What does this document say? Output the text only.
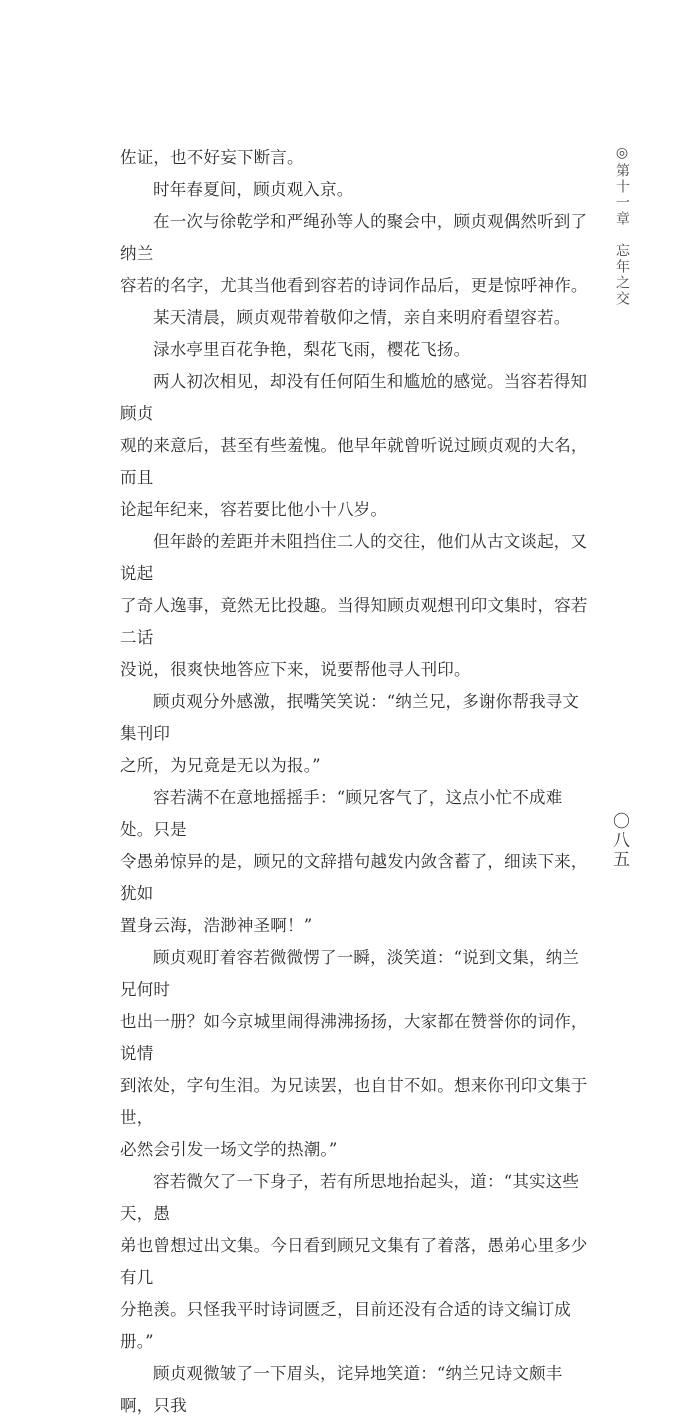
佐证，也不好妄下断言。

时年春夏间，顾贞观入京。

在一次与徐乾学和严绳孙等人的聚会中，顾贞观偶然听到了纳兰

容若的名字，尤其当他看到容若的诗词作品后，更是惊呼神作。

某天清晨，顾贞观带着敬仰之情，亲自来明府看望容若。

渌水亭里百花争艳，梨花飞雨，樱花飞扬。

两人初次相见，却没有任何陌生和尴尬的感觉。当容若得知顾贞

观的来意后，甚至有些羞愧。他早年就曾听说过顾贞观的大名，而且

论起年纪来，容若要比他小十八岁。

但年龄的差距并未阻挡住二人的交往，他们从古文谈起，又说起

了奇人逸事，竟然无比投趣。当得知顾贞观想刊印文集时，容若二话

没说，很爽快地答应下来，说要帮他寻人刊印。

顾贞观分外感激，抿嘴笑笑说：“纳兰兄，多谢你帮我寻文集刊印

之所，为兄竟是无以为报。”

容若满不在意地摇摇手：“顾兄客气了，这点小忙不成难处。只是

令愚弟惊异的是，顾兄的文辞措句越发内敛含蓄了，细读下来，犹如

置身云海，浩渺神圣啊！”

顾贞观盯着容若微微愣了一瞬，淡笑道：“说到文集，纳兰兄何时

也出一册？如今京城里闹得沸沸扬扬，大家都在赞誉你的词作，说情

到浓处，字句生泪。为兄读罢，也自甘不如。想来你刊印文集于世，

必然会引发一场文学的热潮。”

容若微欠了一下身子，若有所思地抬起头，道：“其实这些天，愚

弟也曾想过出文集。今日看到顾兄文集有了着落，愚弟心里多少有几

分艳羡。只怪我平时诗词匮乏，目前还没有合适的诗文编订成册。”

顾贞观微皱了一下眉头，诧异地笑道：“纳兰兄诗文颇丰啊，只我

◎第十一章忘年之交
〇八五
